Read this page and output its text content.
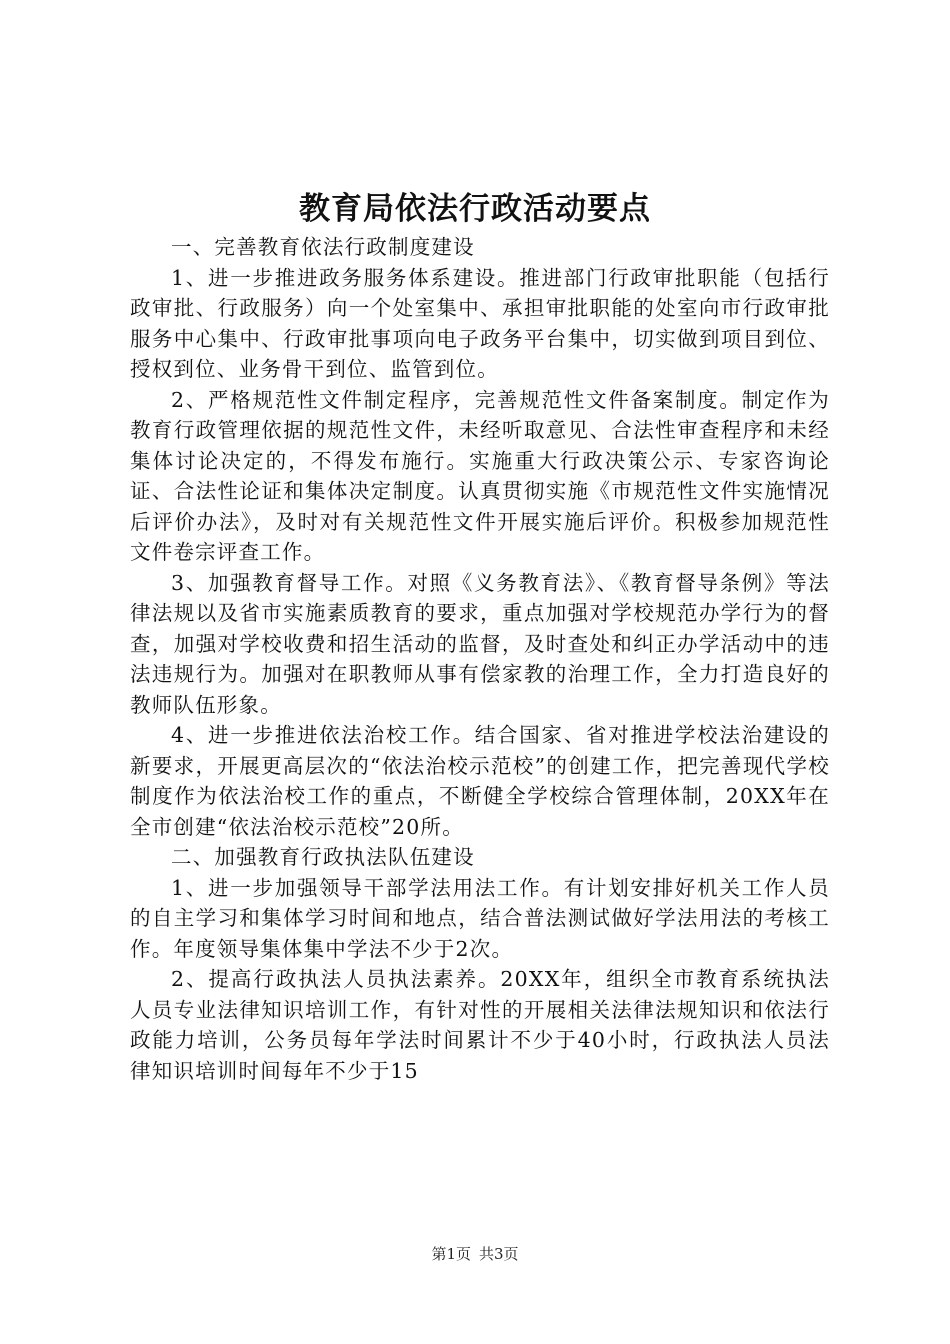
教育局依法行政活动要点

一、完善教育依法行政制度建设

1、进一步推进政务服务体系建设。推进部门行政审批职能（包括行政审批、行政服务）向一个处室集中、承担审批职能的处室向市行政审批服务中心集中、行政审批事项向电子政务平台集中，切实做到项目到位、授权到位、业务骨干到位、监管到位。

2、严格规范性文件制定程序，完善规范性文件备案制度。制定作为教育行政管理依据的规范性文件，未经听取意见、合法性审查程序和未经集体讨论决定的，不得发布施行。实施重大行政决策公示、专家咨询论证、合法性论证和集体决定制度。认真贯彻实施《市规范性文件实施情况后评价办法》，及时对有关规范性文件开展实施后评价。积极参加规范性文件卷宗评查工作。

3、加强教育督导工作。对照《义务教育法》、《教育督导条例》等法律法规以及省市实施素质教育的要求，重点加强对学校规范办学行为的督查，加强对学校收费和招生活动的监督，及时查处和纠正办学活动中的违法违规行为。加强对在职教师从事有偿家教的治理工作，全力打造良好的教师队伍形象。

4、进一步推进依法治校工作。结合国家、省对推进学校法治建设的新要求，开展更高层次的“依法治校示范校”的创建工作，把完善现代学校制度作为依法治校工作的重点，不断健全学校综合管理体制，20XX年在全市创建“依法治校示范校”20所。

二、加强教育行政执法队伍建设

1、进一步加强领导干部学法用法工作。有计划安排好机关工作人员的自主学习和集体学习时间和地点，结合普法测试做好学法用法的考核工作。年度领导集体集中学法不少于2次。

2、提高行政执法人员执法素养。20XX年，组织全市教育系统执法人员专业法律知识培训工作，有针对性的开展相关法律法规知识和依法行政能力培训，公务员每年学法时间累计不少于40小时，行政执法人员法律知识培训时间每年不少于15

第1页 共3页
